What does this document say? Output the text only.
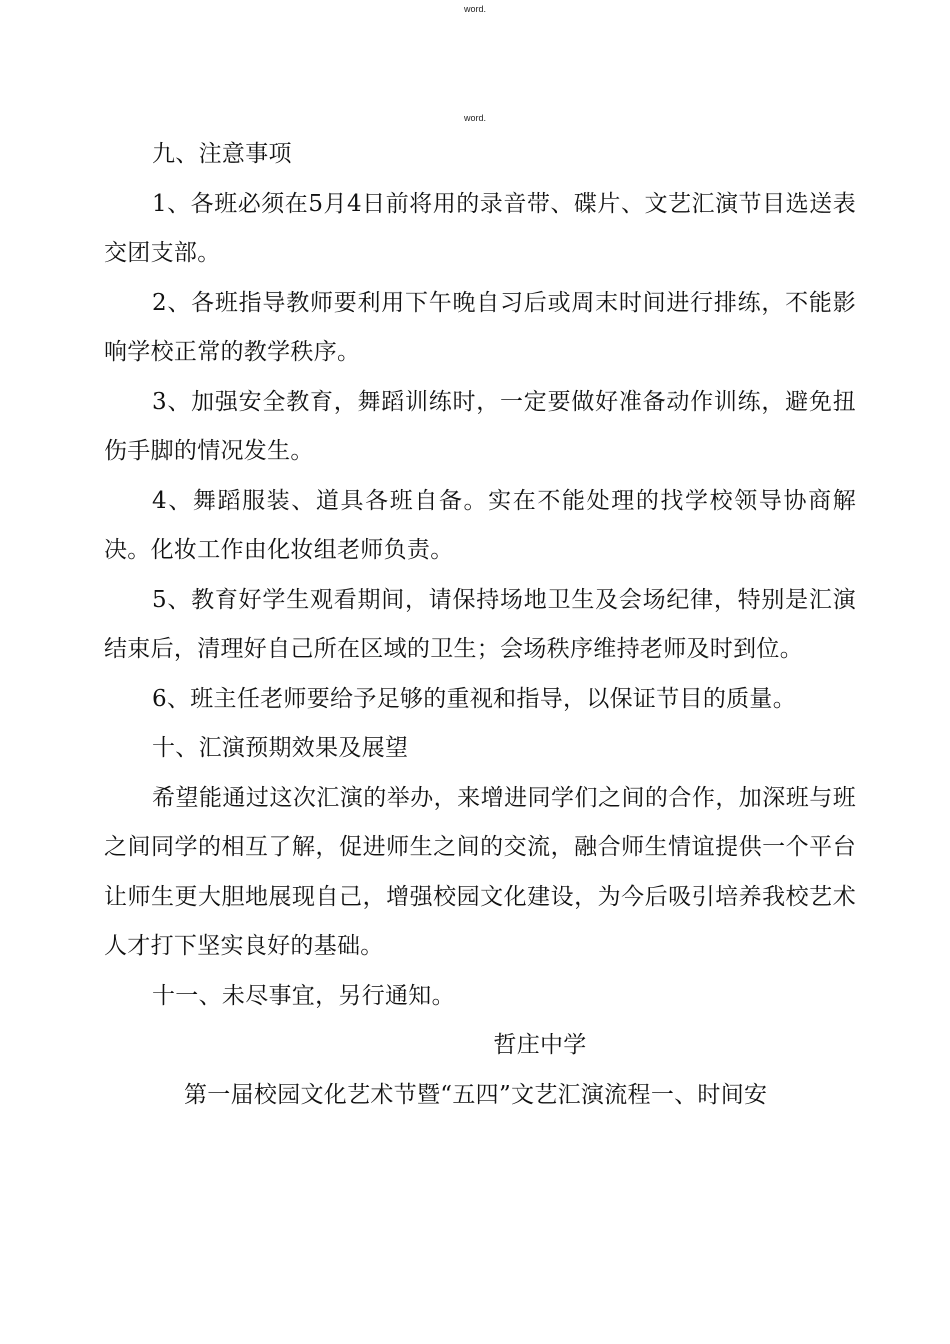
word.
word.

九、注意事项

1、各班必须在5月4日前将用的录音带、碟片、文艺汇演节目选送表交团支部。

2、各班指导教师要利用下午晚自习后或周末时间进行排练，不能影响学校正常的教学秩序。

3、加强安全教育，舞蹈训练时，一定要做好准备动作训练，避免扭伤手脚的情况发生。

4、舞蹈服装、道具各班自备。实在不能处理的找学校领导协商解决。化妆工作由化妆组老师负责。

5、教育好学生观看期间，请保持场地卫生及会场纪律，特别是汇演结束后，清理好自己所在区域的卫生；会场秩序维持老师及时到位。

6、班主任老师要给予足够的重视和指导，以保证节目的质量。

十、汇演预期效果及展望

希望能通过这次汇演的举办，来增进同学们之间的合作，加深班与班之间同学的相互了解，促进师生之间的交流，融合师生情谊提供一个平台让师生更大胆地展现自己，增强校园文化建设，为今后吸引培养我校艺术人才打下坚实良好的基础。

十一、未尽事宜，另行通知。

哲庄中学

第一届校园文化艺术节暨“五四”文艺汇演流程一、时间安
